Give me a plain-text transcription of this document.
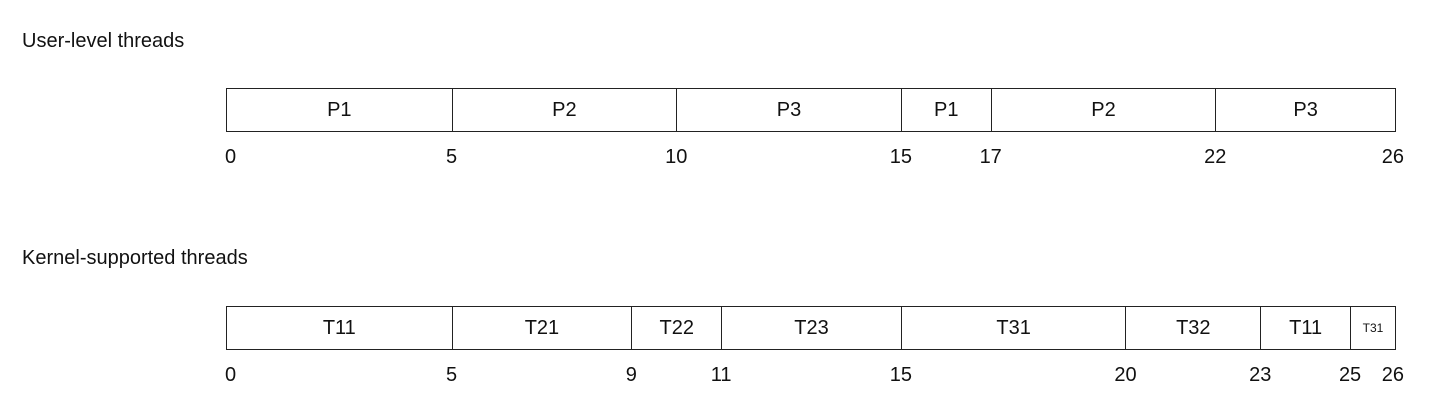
User-level threads
P1	P2	P3	P1	P2	P3
0	5	10	15	17	22	26
Kernel-supported threads
T11	T21	T22	T23	T31	T32	T11	T31
0	5	9	11	15	20	23	25 26
